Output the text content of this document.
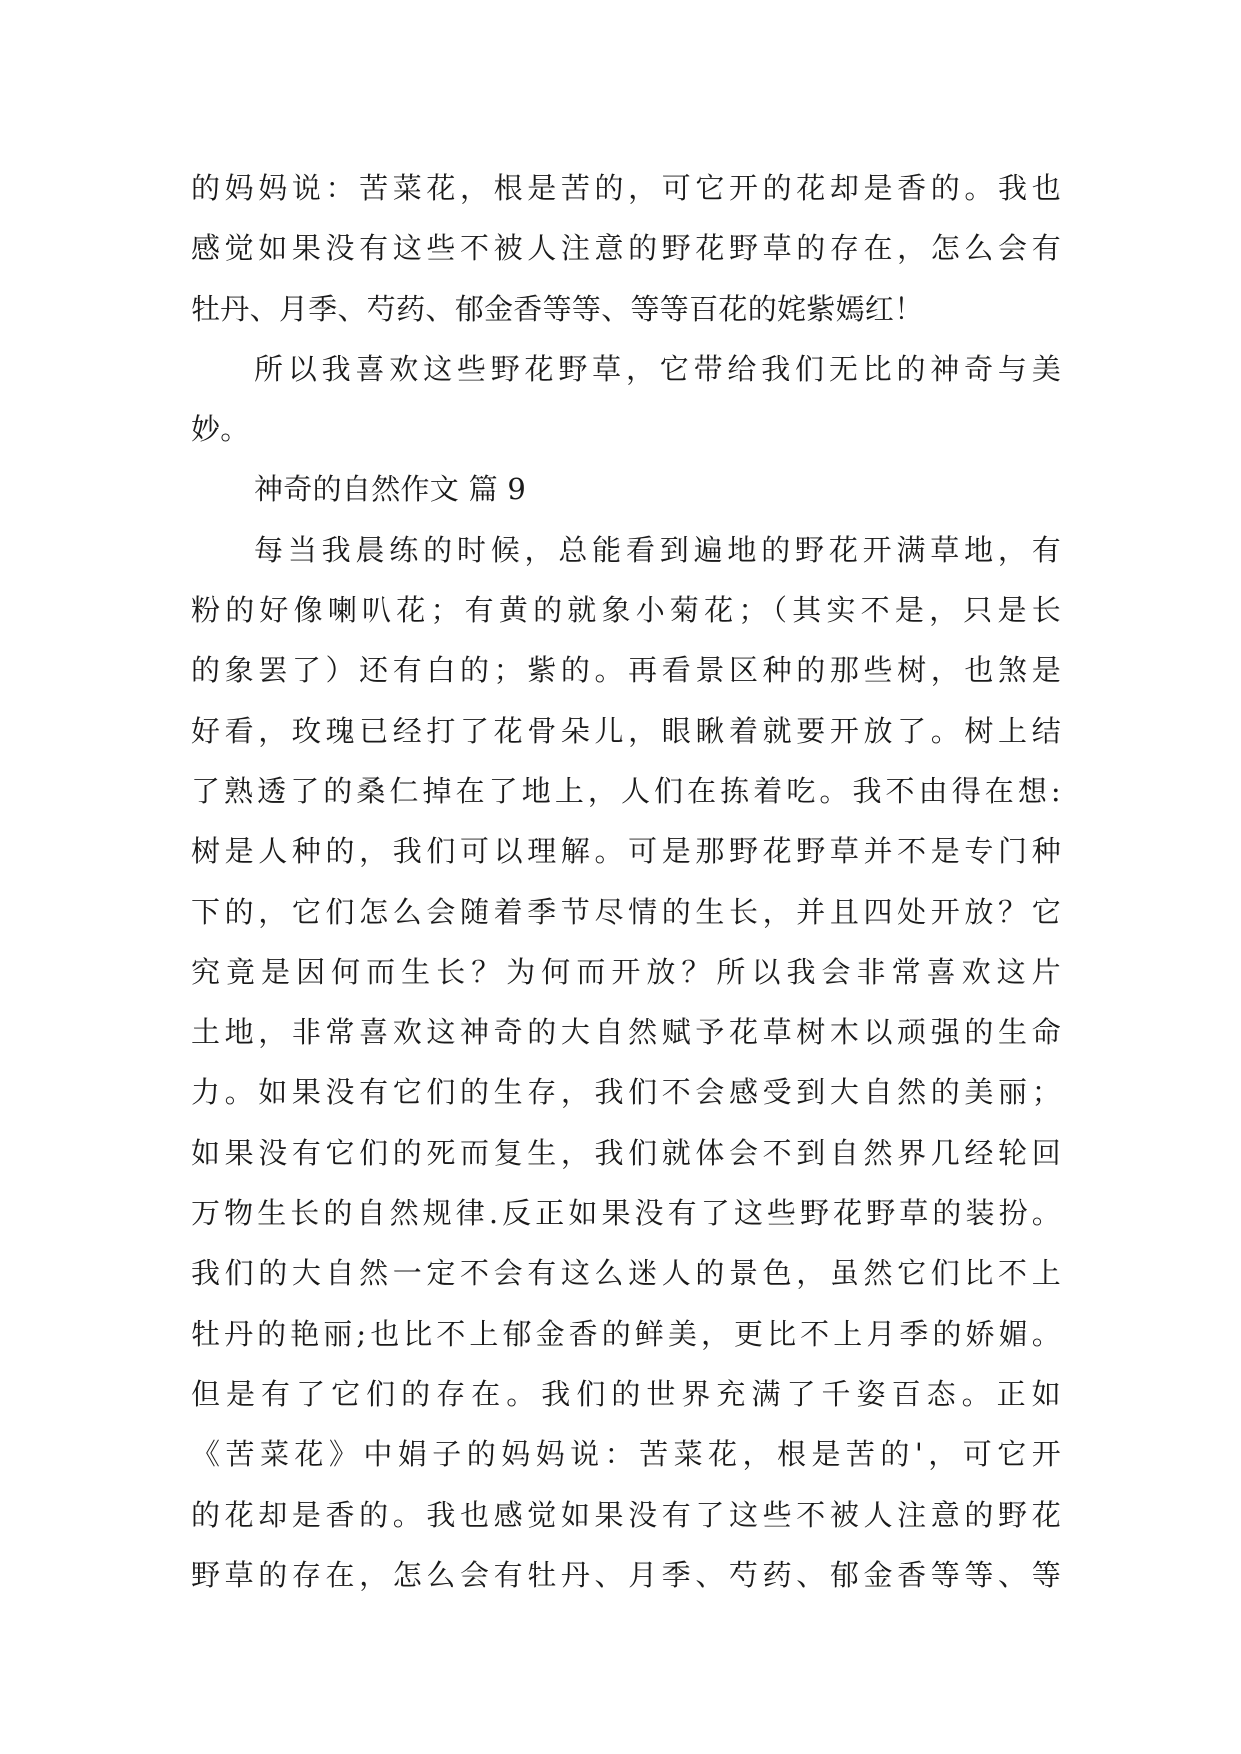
的妈妈说：苦菜花，根是苦的，可它开的花却是香的。我也
感觉如果没有这些不被人注意的野花野草的存在，怎么会有
牡丹、月季、芍药、郁金香等等、等等百花的姹紫嫣红！
所以我喜欢这些野花野草，它带给我们无比的神奇与美
妙。
神奇的自然作文 篇 9
每当我晨练的时候，总能看到遍地的野花开满草地，有
粉的好像喇叭花；有黄的就象小菊花；（其实不是，只是长
的象罢了）还有白的；紫的。再看景区种的那些树，也煞是
好看，玫瑰已经打了花骨朵儿，眼瞅着就要开放了。树上结
了熟透了的桑仁掉在了地上，人们在拣着吃。我不由得在想:
树是人种的，我们可以理解。可是那野花野草并不是专门种
下的，它们怎么会随着季节尽情的生长，并且四处开放？它
究竟是因何而生长？为何而开放？所以我会非常喜欢这片
土地，非常喜欢这神奇的大自然赋予花草树木以顽强的生命
力。如果没有它们的生存，我们不会感受到大自然的美丽；
如果没有它们的死而复生，我们就体会不到自然界几经轮回
万物生长的自然规律.反正如果没有了这些野花野草的装扮。
我们的大自然一定不会有这么迷人的景色，虽然它们比不上
牡丹的艳丽;也比不上郁金香的鲜美，更比不上月季的娇媚。
但是有了它们的存在。我们的世界充满了千姿百态。正如
《苦菜花》中娟子的妈妈说：苦菜花，根是苦的'，可它开
的花却是香的。我也感觉如果没有了这些不被人注意的野花
野草的存在，怎么会有牡丹、月季、芍药、郁金香等等、等
